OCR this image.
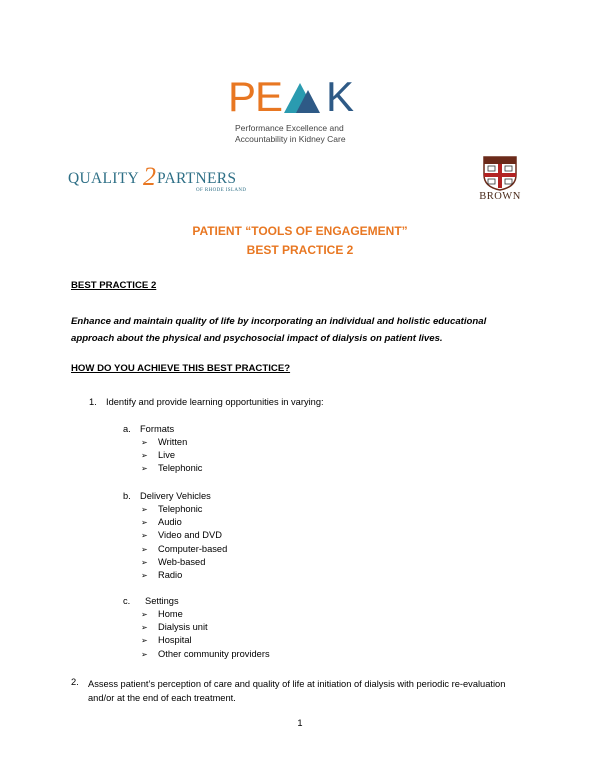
PE K
Performance Excellence and
Accountability in Kidney Care
QUALITY PARTNERS
2	OF RHODE ISLAND
BROWN
PATIENT “TOOLS OF ENGAGEMENT”
BEST PRACTICE 2
BEST PRACTICE 2
Enhance and maintain quality of life by incorporating an individual and holistic educational approach about the physical and psychosocial impact of dialysis on patient lives.
HOW DO YOU ACHIEVE THIS BEST PRACTICE?
1. Identify and provide learning opportunities in varying:
a. Formats
➢ Written
➢ Live
➢ Telephonic
b. Delivery Vehicles
➢ Telephonic
➢ Audio
➢ Video and DVD
➢ Computer-based
➢ Web-based
➢ Radio
c. Settings
➢ Home
➢ Dialysis unit
➢ Hospital
➢ Other community providers
2. Assess patient’s perception of care and quality of life at initiation of dialysis with periodic re-evaluation and/or at the end of each treatment.
1
